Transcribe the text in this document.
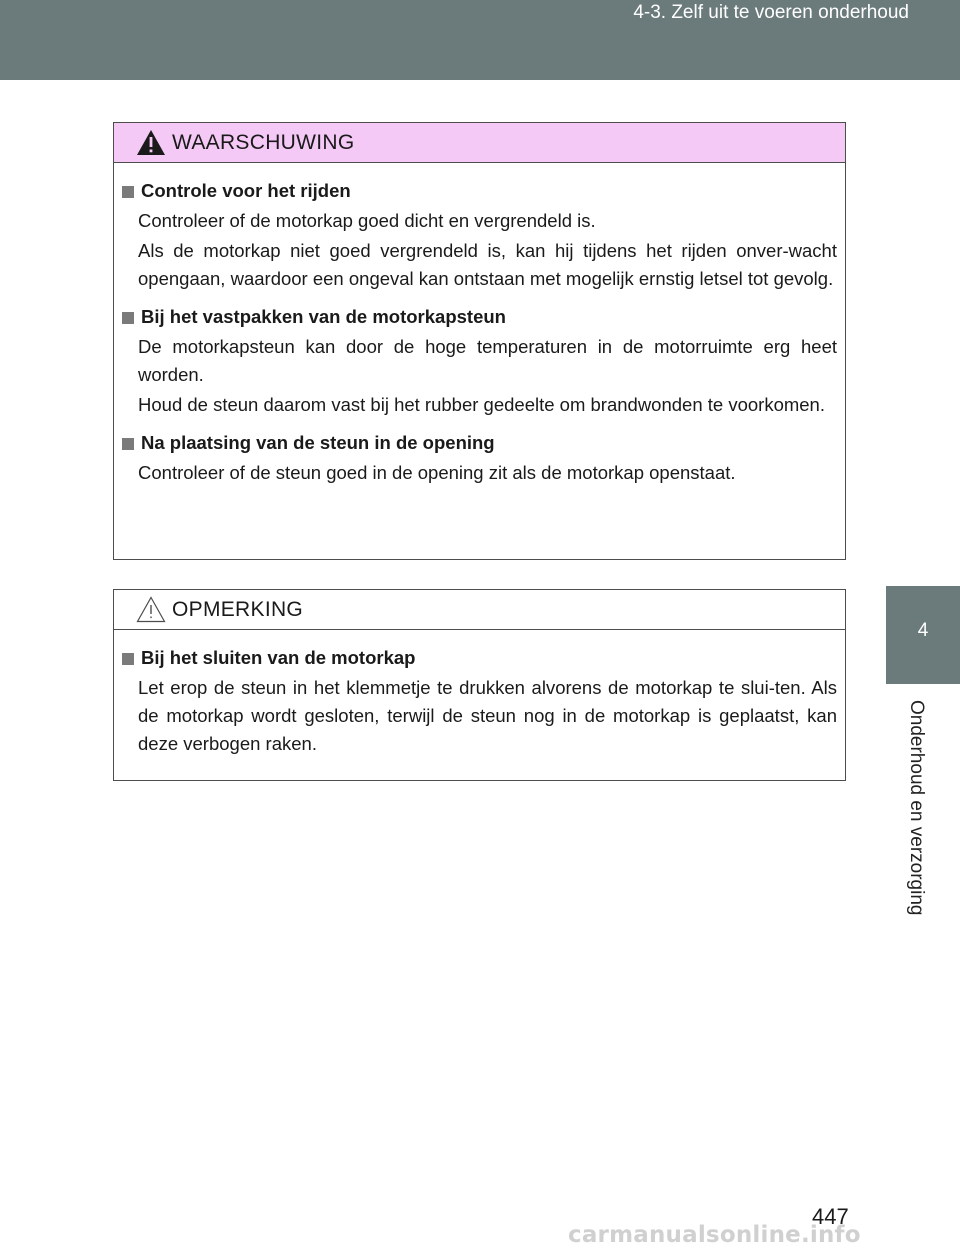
4-3. Zelf uit te voeren onderhoud
4
Onderhoud en verzorging
WAARSCHUWING
Controle voor het rijden
Controleer of de motorkap goed dicht en vergrendeld is.
Als de motorkap niet goed vergrendeld is, kan hij tijdens het rijden onver-wacht opengaan, waardoor een ongeval kan ontstaan met mogelijk ernstig letsel tot gevolg.
Bij het vastpakken van de motorkapsteun
De motorkapsteun kan door de hoge temperaturen in de motorruimte erg heet worden.
Houd de steun daarom vast bij het rubber gedeelte om brandwonden te voorkomen.
Na plaatsing van de steun in de opening
Controleer of de steun goed in de opening zit als de motorkap openstaat.
OPMERKING
Bij het sluiten van de motorkap
Let erop de steun in het klemmetje te drukken alvorens de motorkap te slui-ten. Als de motorkap wordt gesloten, terwijl de steun nog in de motorkap is geplaatst, kan deze verbogen raken.
447
carmanualsonline.info
